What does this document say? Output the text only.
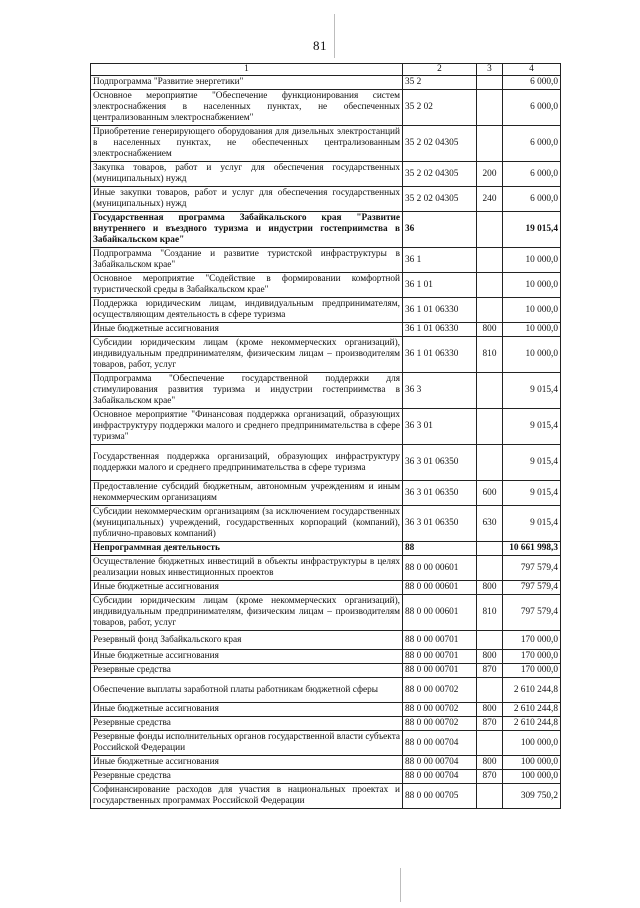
81
1	2	3	4
Подпрограмма "Развитие энергетики"	35 2		6 000,0
Основное мероприятие "Обеспечение функционирования систем электроснабжения в населенных пунктах, не обеспеченных централизованным электроснабжением"	35 2 02		6 000,0
Приобретение генерирующего оборудования для дизельных электростанций в населенных пунктах, не обеспеченных централизованным электроснабжением	35 2 02 04305		6 000,0
Закупка товаров, работ и услуг для обеспечения государственных (муниципальных) нужд	35 2 02 04305	200	6 000,0
Иные закупки товаров, работ и услуг для обеспечения государственных (муниципальных) нужд	35 2 02 04305	240	6 000,0
Государственная программа Забайкальского края "Развитие внутреннего и въездного туризма и индустрии гостеприимства в Забайкальском крае"	36		19 015,4
Подпрограмма "Создание и развитие туристской инфраструктуры в Забайкальском крае"	36 1		10 000,0
Основное мероприятие "Содействие в формировании комфортной туристической среды в Забайкальском крае"	36 1 01		10 000,0
Поддержка юридическим лицам, индивидуальным предпринимателям, осуществляющим деятельность в сфере туризма	36 1 01 06330		10 000,0
Иные бюджетные ассигнования	36 1 01 06330	800	10 000,0
Субсидии юридическим лицам (кроме некоммерческих организаций), индивидуальным предпринимателям, физическим лицам – производителям товаров, работ, услуг	36 1 01 06330	810	10 000,0
Подпрограмма "Обеспечение государственной поддержки для стимулирования развития туризма и индустрии гостеприимства в Забайкальском крае"	36 3		9 015,4
Основное мероприятие "Финансовая поддержка организаций, образующих инфраструктуру поддержки малого и среднего предпринимательства в сфере туризма"	36 3 01		9 015,4
Государственная поддержка организаций, образующих инфраструктуру поддержки малого и среднего предпринимательства в сфере туризма	36 3 01 06350		9 015,4
Предоставление субсидий бюджетным, автономным учреждениям и иным некоммерческим организациям	36 3 01 06350	600	9 015,4
Субсидии некоммерческим организациям (за исключением государственных (муниципальных) учреждений, государственных корпораций (компаний), публично-правовых компаний)	36 3 01 06350	630	9 015,4
Непрограммная деятельность	88		10 661 998,3
Осуществление бюджетных инвестиций в объекты инфраструктуры в целях реализации новых инвестиционных проектов	88 0 00 00601		797 579,4
Иные бюджетные ассигнования	88 0 00 00601	800	797 579,4
Субсидии юридическим лицам (кроме некоммерческих организаций), индивидуальным предпринимателям, физическим лицам – производителям товаров, работ, услуг	88 0 00 00601	810	797 579,4
Резервный фонд Забайкальского края	88 0 00 00701		170 000,0
Иные бюджетные ассигнования	88 0 00 00701	800	170 000,0
Резервные средства	88 0 00 00701	870	170 000,0
Обеспечение выплаты заработной платы работникам бюджетной сферы	88 0 00 00702		2 610 244,8
Иные бюджетные ассигнования	88 0 00 00702	800	2 610 244,8
Резервные средства	88 0 00 00702	870	2 610 244,8
Резервные фонды исполнительных органов государственной власти субъекта Российской Федерации	88 0 00 00704		100 000,0
Иные бюджетные ассигнования	88 0 00 00704	800	100 000,0
Резервные средства	88 0 00 00704	870	100 000,0
Софинансирование расходов для участия в национальных проектах и государственных программах Российской Федерации	88 0 00 00705		309 750,2
